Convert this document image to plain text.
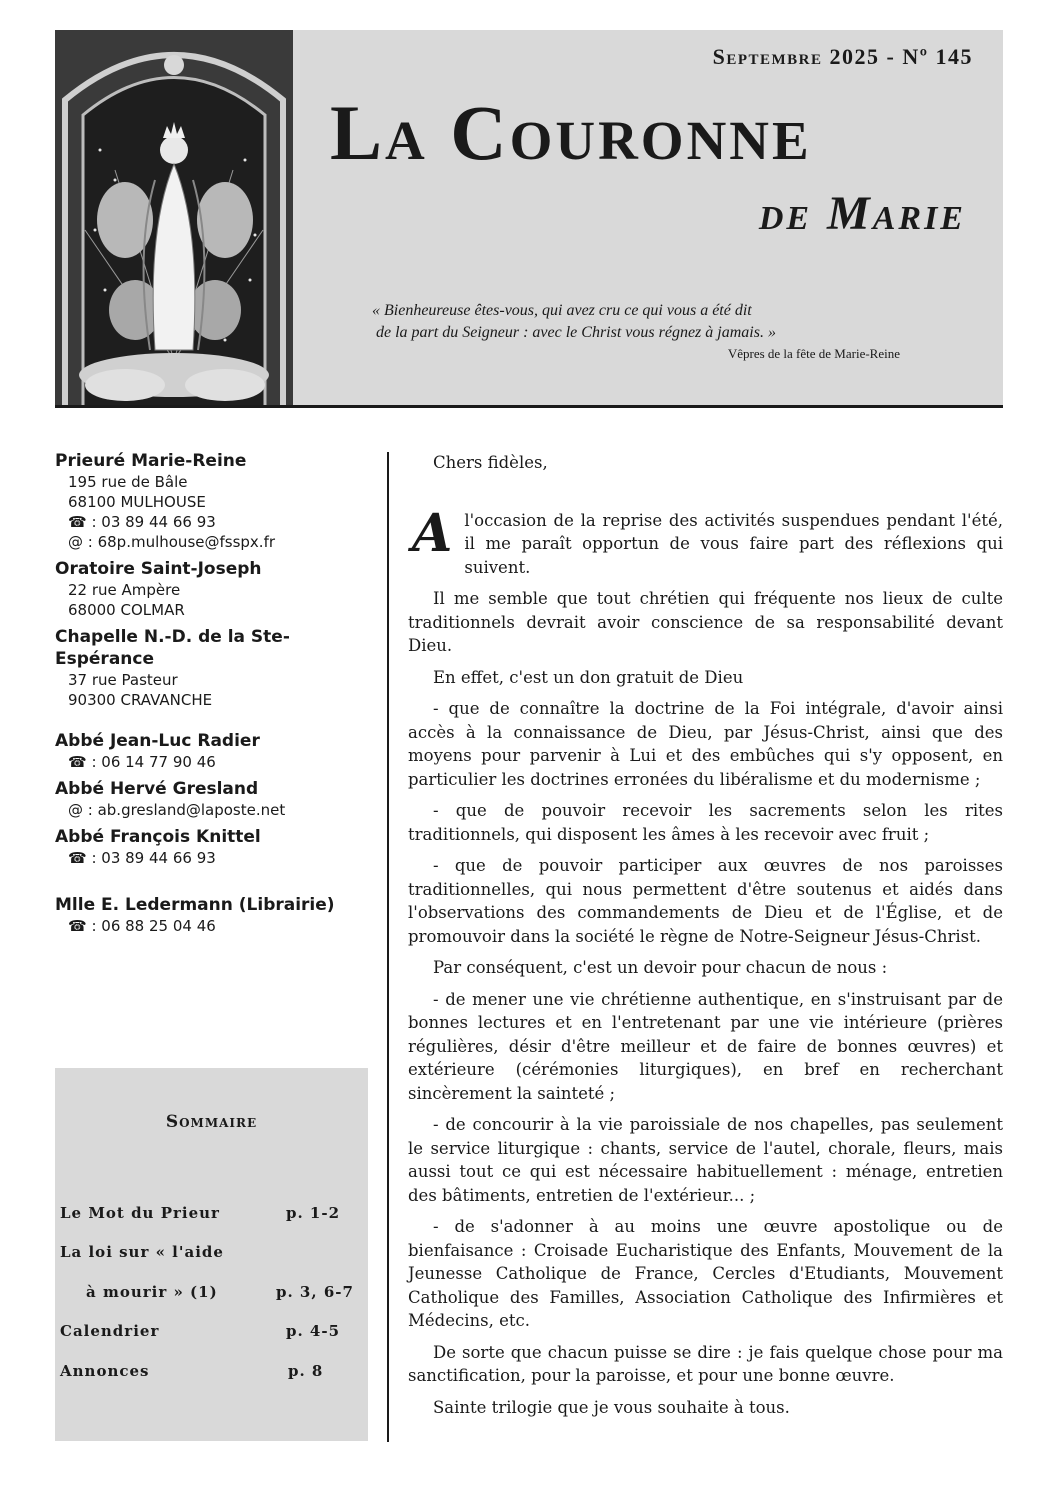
Septembre 2025 - Nº 145
La Couronne
de Marie
« Bienheureuse êtes-vous, qui avez cru ce qui vous a été dit
de la part du Seigneur : avec le Christ vous régnez à jamais. »
Vêpres de la fête de Marie-Reine
Prieuré Marie-Reine
195 rue de Bâle
68100 MULHOUSE
☎ : 03 89 44 66 93
@ : 68p.mulhouse@fsspx.fr
Oratoire Saint-Joseph
22 rue Ampère
68000 COLMAR
Chapelle N.-D. de la Ste-Espérance
37 rue Pasteur
90300 CRAVANCHE
Abbé Jean-Luc Radier
☎ : 06 14 77 90 46
Abbé Hervé Gresland
@ : ab.gresland@laposte.net
Abbé François Knittel
☎ : 03 89 44 66 93
Mlle E. Ledermann (Librairie)
☎ : 06 88 25 04 46
Sommaire
Le Mot du Prieur	p. 1-2
La loi sur « l'aide
à mourir » (1)	p. 3, 6-7
Calendrier	p. 4-5
Annonces	p. 8

Chers fidèles,

Al'occasion de la reprise des activités suspendues pendant l'été, il me paraît opportun de vous faire part des réflexions qui suivent.

Il me semble que tout chrétien qui fréquente nos lieux de culte traditionnels devrait avoir conscience de sa responsabilité devant Dieu.

En effet, c'est un don gratuit de Dieu

- que de connaître la doctrine de la Foi intégrale, d'avoir ainsi accès à la connaissance de Dieu, par Jésus-Christ, ainsi que des moyens pour parvenir à Lui et des embûches qui s'y opposent, en particulier les doctrines erronées du libéralisme et du modernisme ;

- que de pouvoir recevoir les sacrements selon les rites traditionnels, qui disposent les âmes à les recevoir avec fruit ;

- que de pouvoir participer aux œuvres de nos paroisses traditionnelles, qui nous permettent d'être soutenus et aidés dans l'observations des commandements de Dieu et de l'Église, et de promouvoir dans la société le règne de Notre-Seigneur Jésus-Christ.

Par conséquent, c'est un devoir pour chacun de nous :

- de mener une vie chrétienne authentique, en s'instruisant par de bonnes lectures et en l'entretenant par une vie intérieure (prières régulières, désir d'être meilleur et de faire de bonnes œuvres) et extérieure (cérémonies liturgiques), en bref en recherchant sincèrement la sainteté ;

- de concourir à la vie paroissiale de nos chapelles, pas seulement le service liturgique : chants, service de l'autel, chorale, fleurs, mais aussi tout ce qui est nécessaire habituellement : ménage, entretien des bâtiments, entretien de l'extérieur... ;

- de s'adonner à au moins une œuvre apostolique ou de bienfaisance : Croisade Eucharistique des Enfants, Mouvement de la Jeunesse Catholique de France, Cercles d'Etudiants, Mouvement Catholique des Familles, Association Catholique des Infirmières et Médecins, etc.

De sorte que chacun puisse se dire : je fais quelque chose pour ma sanctification, pour la paroisse, et pour une bonne œuvre.

Sainte trilogie que je vous souhaite à tous.
